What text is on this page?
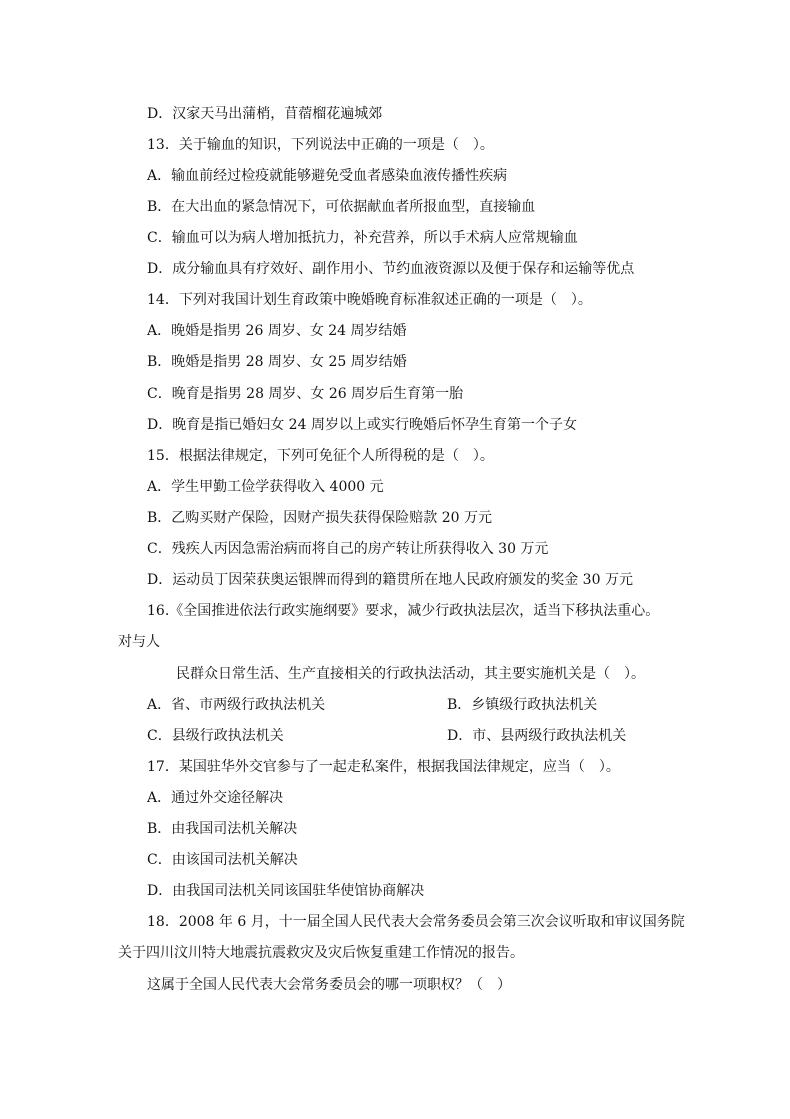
D．汉家天马出蒲梢，苜蓿榴花遍城郊
13．关于输血的知识，下列说法中正确的一项是（　）。
A．输血前经过检疫就能够避免受血者感染血液传播性疾病
B．在大出血的紧急情况下，可依据献血者所报血型，直接输血
C．输血可以为病人增加抵抗力，补充营养，所以手术病人应常规输血
D．成分输血具有疗效好、副作用小、节约血液资源以及便于保存和运输等优点
14．下列对我国计划生育政策中晚婚晚育标准叙述正确的一项是（　）。
A．晚婚是指男 26 周岁、女 24 周岁结婚
B．晚婚是指男 28 周岁、女 25 周岁结婚
C．晚育是指男 28 周岁、女 26 周岁后生育第一胎
D．晚育是指已婚妇女 24 周岁以上或实行晚婚后怀孕生育第一个子女
15．根据法律规定，下列可免征个人所得税的是（　）。
A．学生甲勤工俭学获得收入 4000 元
B．乙购买财产保险，因财产损失获得保险赔款 20 万元
C．残疾人丙因急需治病而将自己的房产转让所获得收入 30 万元
D．运动员丁因荣获奥运银牌而得到的籍贯所在地人民政府颁发的奖金 30 万元
16.《全国推进依法行政实施纲要》要求，减少行政执法层次，适当下移执法重心。
对与人
民群众日常生活、生产直接相关的行政执法活动，其主要实施机关是（　）。
A．省、市两级行政执法机关	B．乡镇级行政执法机关
C．县级行政执法机关	D．市、县两级行政执法机关
17．某国驻华外交官参与了一起走私案件，根据我国法律规定，应当（　）。
A．通过外交途径解决
B．由我国司法机关解决
C．由该国司法机关解决
D．由我国司法机关同该国驻华使馆协商解决
18．2008 年 6 月，十一届全国人民代表大会常务委员会第三次会议听取和审议国务院
关于四川汶川特大地震抗震救灾及灾后恢复重建工作情况的报告。
这属于全国人民代表大会常务委员会的哪一项职权？（　）
